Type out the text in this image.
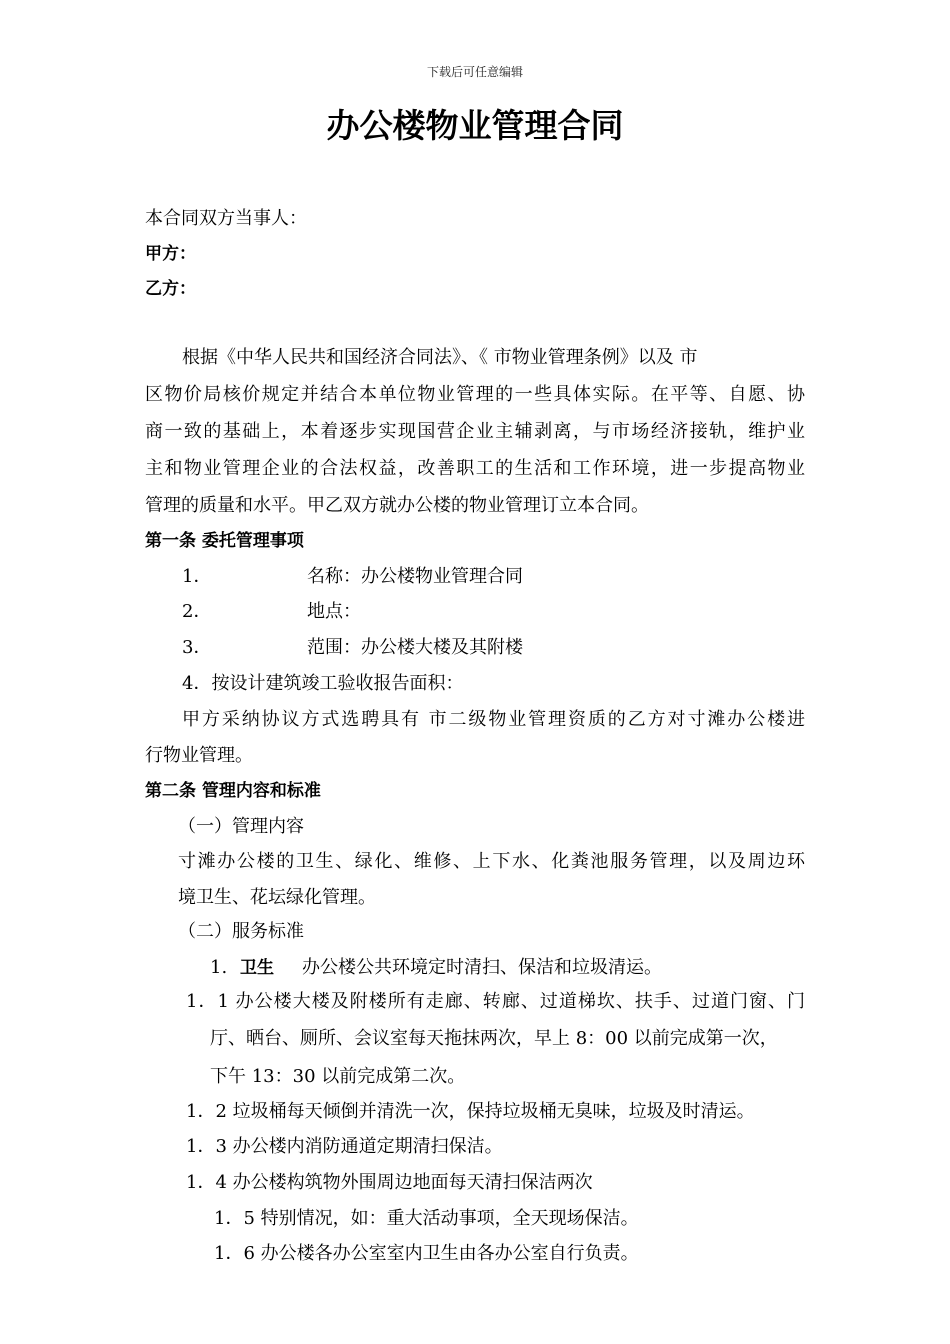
下载后可任意编辑
办公楼物业管理合同
本合同双方当事人：
甲方：
乙方：
根据《中华人民共和国经济合同法》、《 市物业管理条例》以及 市
区物价局核价规定并结合本单位物业管理的一些具体实际。在平等、自愿、协
商一致的基础上，本着逐步实现国营企业主辅剥离，与市场经济接轨，维护业
主和物业管理企业的合法权益，改善职工的生活和工作环境，进一步提高物业
管理的质量和水平。甲乙双方就办公楼的物业管理订立本合同。
第一条 委托管理事项
1．	名称：办公楼物业管理合同
2．	地点：
3．	范围：办公楼大楼及其附楼
4．按设计建筑竣工验收报告面积：
甲方采纳协议方式选聘具有 市二级物业管理资质的乙方对寸滩办公楼进
行物业管理。
第二条 管理内容和标准
（一）管理内容
寸滩办公楼的卫生、绿化、维修、上下水、化粪池服务管理，以及周边环
境卫生、花坛绿化管理。
（二）服务标准
1. 卫生 办公楼公共环境定时清扫、保洁和垃圾清运。
1．1 办公楼大楼及附楼所有走廊、转廊、过道梯坎、扶手、过道门窗、门
厅、晒台、厕所、会议室每天拖抹两次，早上 8：00 以前完成第一次，
下午 13：30 以前完成第二次。
1．2 垃圾桶每天倾倒并清洗一次，保持垃圾桶无臭味，垃圾及时清运。
1．3 办公楼内消防通道定期清扫保洁。
1．4 办公楼构筑物外围周边地面每天清扫保洁两次
1．5 特别情况，如：重大活动事项，全天现场保洁。
1．6 办公楼各办公室室内卫生由各办公室自行负责。
